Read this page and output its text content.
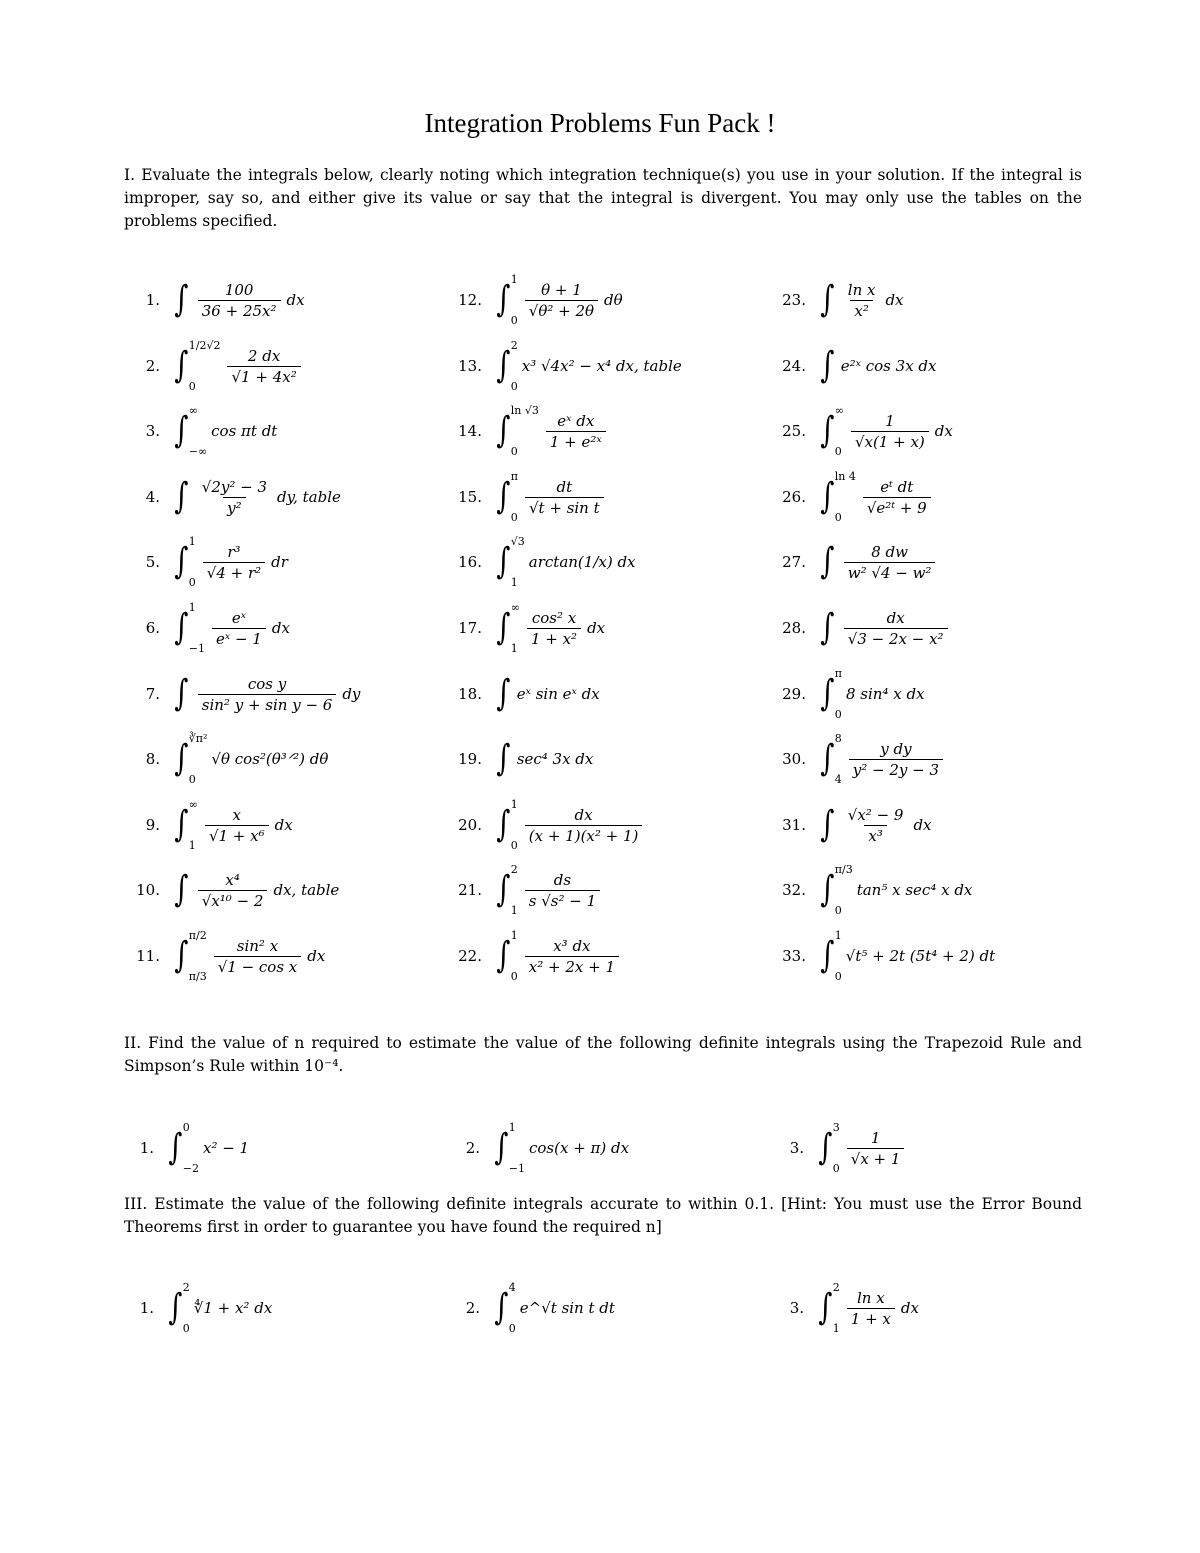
Integration Problems Fun Pack !
I. Evaluate the integrals below, clearly noting which integration technique(s) you use in your solution. If the integral is improper, say so, and either give its value or say that the integral is divergent. You may only use the tables on the problems specified.
1. ∫ $\frac{100}{\text{36 + 25x²}}$ dx
2. ∫ 1/2√2
0
$\frac{2 dx}{\text{√1 + 4x²}}$
3. ∫ ∞
−∞
cos πt dt
4. ∫ $\frac{\text{√2y² − 3}}{\text{y²}}$ dy, table
5. ∫ 1
0
$\frac{\text{r³}}{\text{√4 + r²}}$ dr
6. ∫ 1
−1
$\frac{\text{eˣ}}{\text{eˣ − 1}}$ dx
7. ∫ $\frac{\text{cos y}}{\text{sin² y + sin y − 6}}$ dy
8. ∫ ∛π²
0
√θ cos²(θ³ᐟ²) dθ
9. ∫ ∞
1
$\frac{x}{\text{√1 + x⁶}}$ dx
10. ∫ $\frac{\text{x⁴}}{\text{√x¹⁰ − 2}}$ dx, table
11. ∫ π/2
π/3
$\frac{\text{sin² x}}{\text{√1 − cos x}}$ dx
12. ∫ 1
0
$\frac{\theta + 1}{\text{√θ² + 2θ}}$ dθ
13. ∫ 2
0
x³ √4x² − x⁴ dx, table
14. ∫ ln √3
0
$\frac{\text{eˣ dx}}{\text{1 + e²ˣ}}$
15. ∫ π
0
$\frac{dt}{\text{√t + sin t}}$
16. ∫ √3
1
arctan(1/x) dx
17. ∫ ∞
1
$\frac{\text{cos² x}}{\text{1 + x²}}$ dx
18. ∫ eˣ sin eˣ dx
19. ∫ sec⁴ 3x dx
20. ∫ 1
0
$\frac{dx}{\text{(x + 1)(x² + 1)}}$
21. ∫ 2
1
$\frac{ds}{\text{s √s² − 1}}$
22. ∫ 1
0
$\frac{\text{x³ dx}}{\text{x² + 2x + 1}}$
23. ∫ $\frac{\text{ln x}}{\text{x²}}$ dx
24. ∫ e²ˣ cos 3x dx
25. ∫ ∞
0
$\frac{1}{√x(1 + x)}$ dx
26. ∫ ln 4
0
$\frac{\text{eᵗ dt}}{\text{√e²ᵗ + 9}}$
27. ∫ $\frac{8 dw}{\text{w² √4 − w²}}$
28. ∫ $\frac{dx}{\text{√3 − 2x − x²}}$
29. ∫ π
0
8 sin⁴ x dx
30. ∫ 8
4
$\frac{\text{y dy}}{\text{y² − 2y − 3}}$
31. ∫ $\frac{\text{√x² − 9}}{\text{x³}}$ dx
32. ∫ π/3
0
tan⁵ x sec⁴ x dx
33. ∫ 1
0
√t⁵ + 2t (5t⁴ + 2) dt
II. Find the value of n required to estimate the value of the following definite integrals using the Trapezoid Rule and Simpson’s Rule within 10⁻⁴.
1. ∫ 0
−2
x² − 1	2. ∫ 1
−1
cos(x + π) dx	3. ∫ 3
0
$\frac{1}{√x + 1}$
III. Estimate the value of the following definite integrals accurate to within 0.1. [Hint: You must use the Error Bound Theorems first in order to guarantee you have found the required n]
1. ∫ 2
0
∜1 + x² dx	2. ∫ 4
0
e^√t sin t dt	3. ∫ 2
1
$\frac{\text{ln x}}{1 + x}$ dx
